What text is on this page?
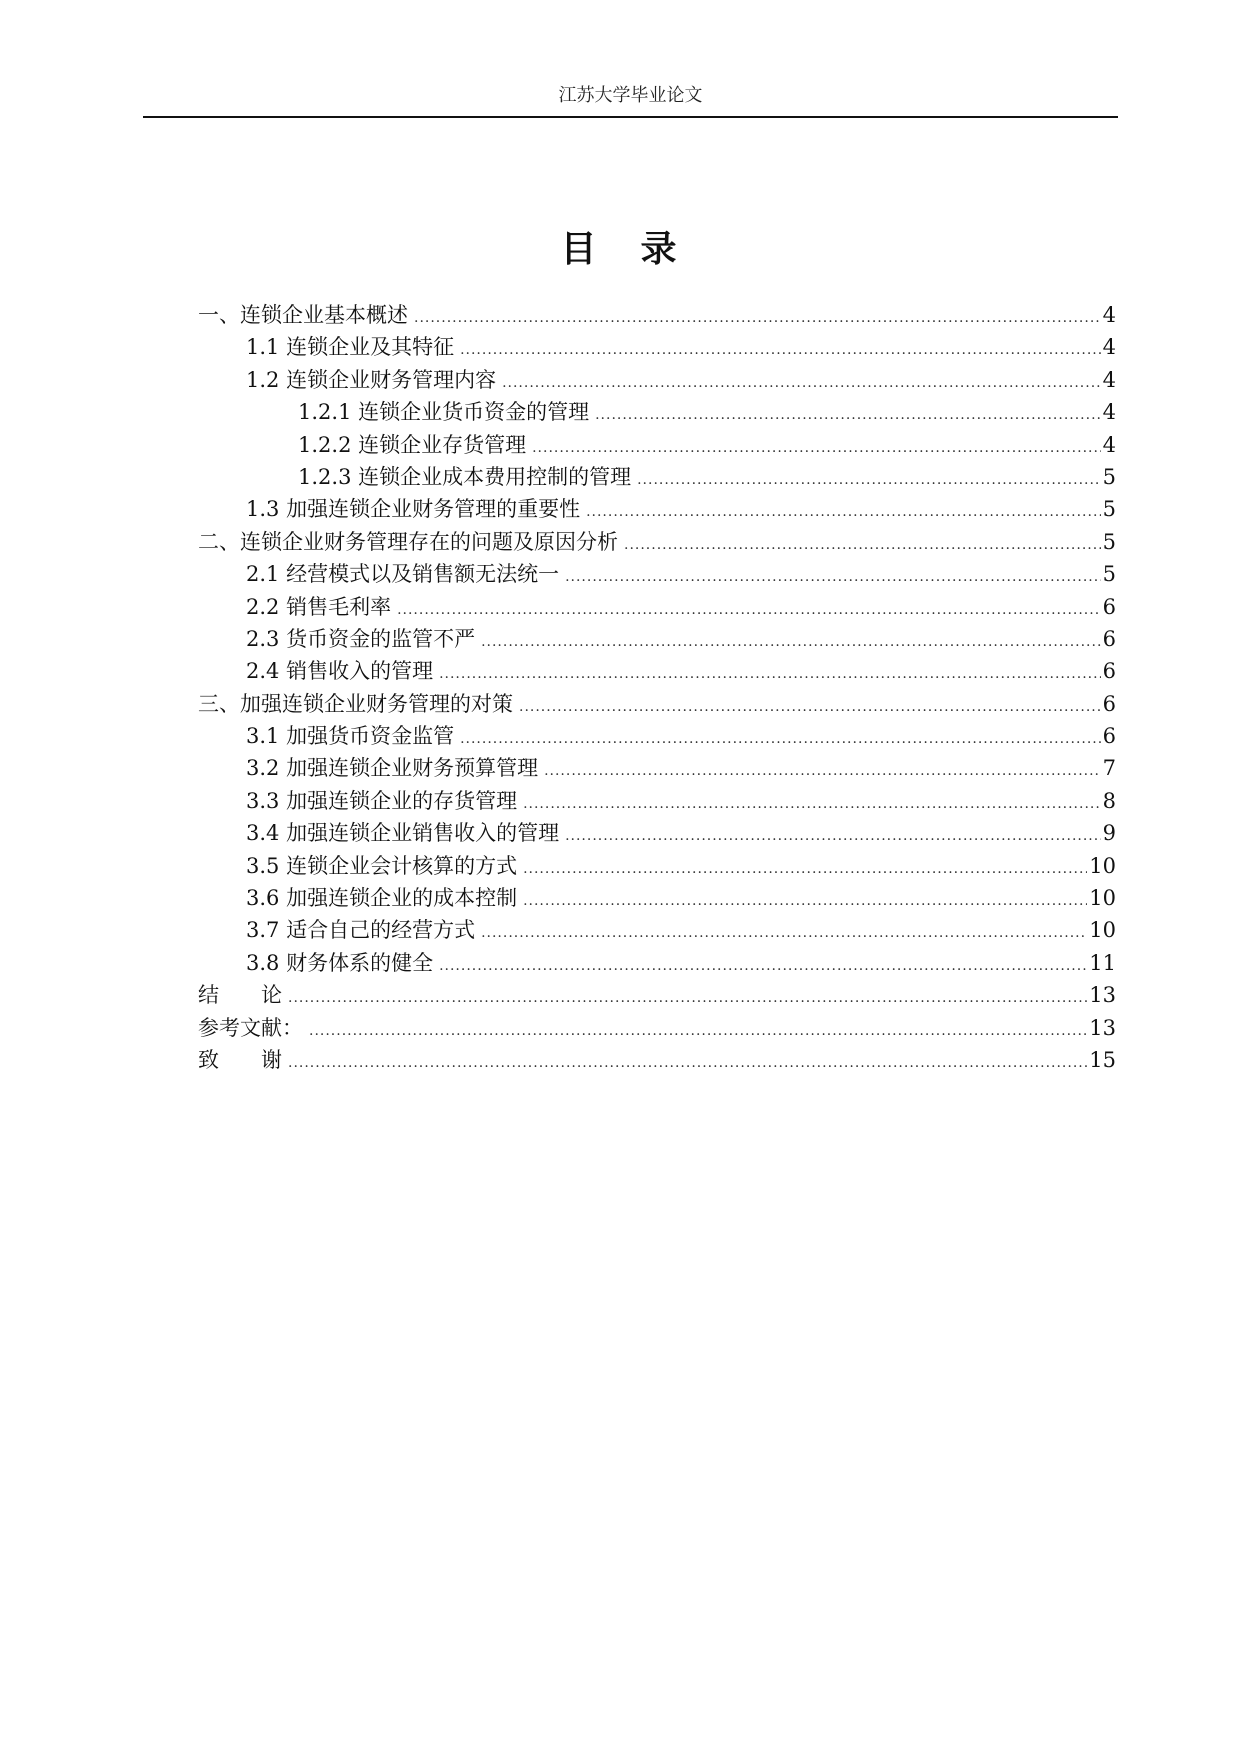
江苏大学毕业论文
目 录
一、连锁企业基本概述 .....	4
1.1 连锁企业及其特征 .....	4
1.2 连锁企业财务管理内容 .....	4
1.2.1 连锁企业货币资金的管理 .....	4
1.2.2 连锁企业存货管理 .....	4
1.2.3 连锁企业成本费用控制的管理 .....	5
1.3 加强连锁企业财务管理的重要性 .....	5
二、连锁企业财务管理存在的问题及原因分析 .....	5
2.1 经营模式以及销售额无法统一 .....	5
2.2 销售毛利率 .....	6
2.3 货币资金的监管不严 .....	6
2.4 销售收入的管理 .....	6
三、加强连锁企业财务管理的对策 .....	6
3.1 加强货币资金监管 .....	6
3.2 加强连锁企业财务预算管理 .....	7
3.3 加强连锁企业的存货管理 .....	8
3.4 加强连锁企业销售收入的管理 .....	9
3.5 连锁企业会计核算的方式 .....	10
3.6 加强连锁企业的成本控制 .....	10
3.7 适合自己的经营方式 .....	10
3.8 财务体系的健全 .....	11
结 论 .....	13
参考文献： .....	13
致 谢 .....	15
